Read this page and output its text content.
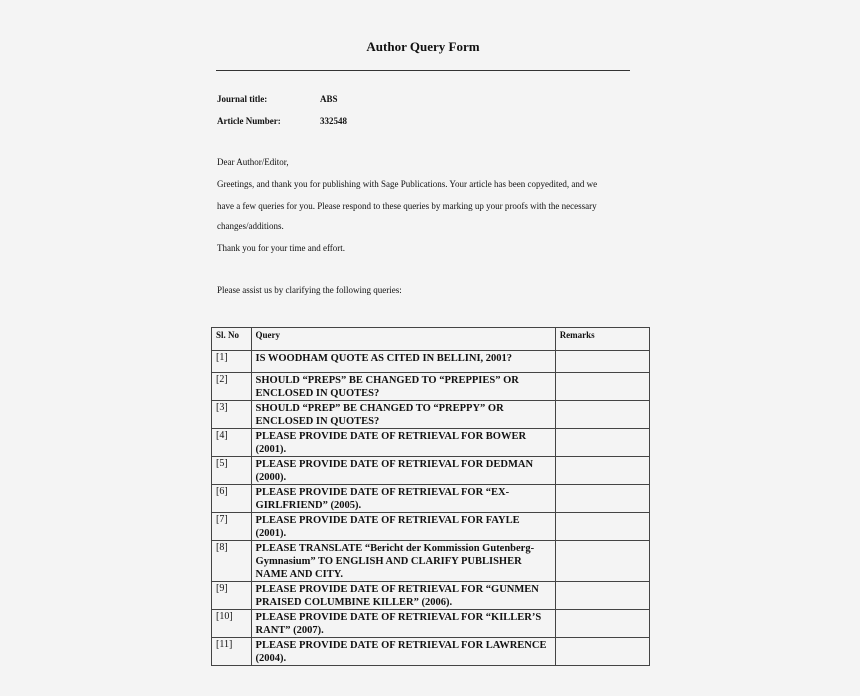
Author Query Form
Journal title:	ABS
Article Number:	332548
Dear Author/Editor,
Greetings, and thank you for publishing with Sage Publications. Your article has been copyedited, and we
have a few queries for you. Please respond to these queries by marking up your proofs with the necessary
changes/additions.
Thank you for your time and effort.
Please assist us by clarifying the following queries:
Sl. No	Query	Remarks
[1]	IS WOODHAM QUOTE AS CITED IN BELLINI, 2001?	
[2]	SHOULD “PREPS” BE CHANGED TO “PREPPIES” OR ENCLOSED IN QUOTES?	
[3]	SHOULD “PREP” BE CHANGED TO “PREPPY” OR ENCLOSED IN QUOTES?	
[4]	PLEASE PROVIDE DATE OF RETRIEVAL FOR BOWER (2001).	
[5]	PLEASE PROVIDE DATE OF RETRIEVAL FOR DEDMAN (2000).	
[6]	PLEASE PROVIDE DATE OF RETRIEVAL FOR “EX-GIRLFRIEND” (2005).	
[7]	PLEASE PROVIDE DATE OF RETRIEVAL FOR FAYLE (2001).	
[8]	PLEASE TRANSLATE “Bericht der Kommission Gutenberg-Gymnasium” TO ENGLISH AND CLARIFY PUBLISHER NAME AND CITY.	
[9]	PLEASE PROVIDE DATE OF RETRIEVAL FOR “GUNMEN PRAISED COLUMBINE KILLER” (2006).	
[10]	PLEASE PROVIDE DATE OF RETRIEVAL FOR “KILLER’S RANT” (2007).	
[11]	PLEASE PROVIDE DATE OF RETRIEVAL FOR LAWRENCE (2004).	
